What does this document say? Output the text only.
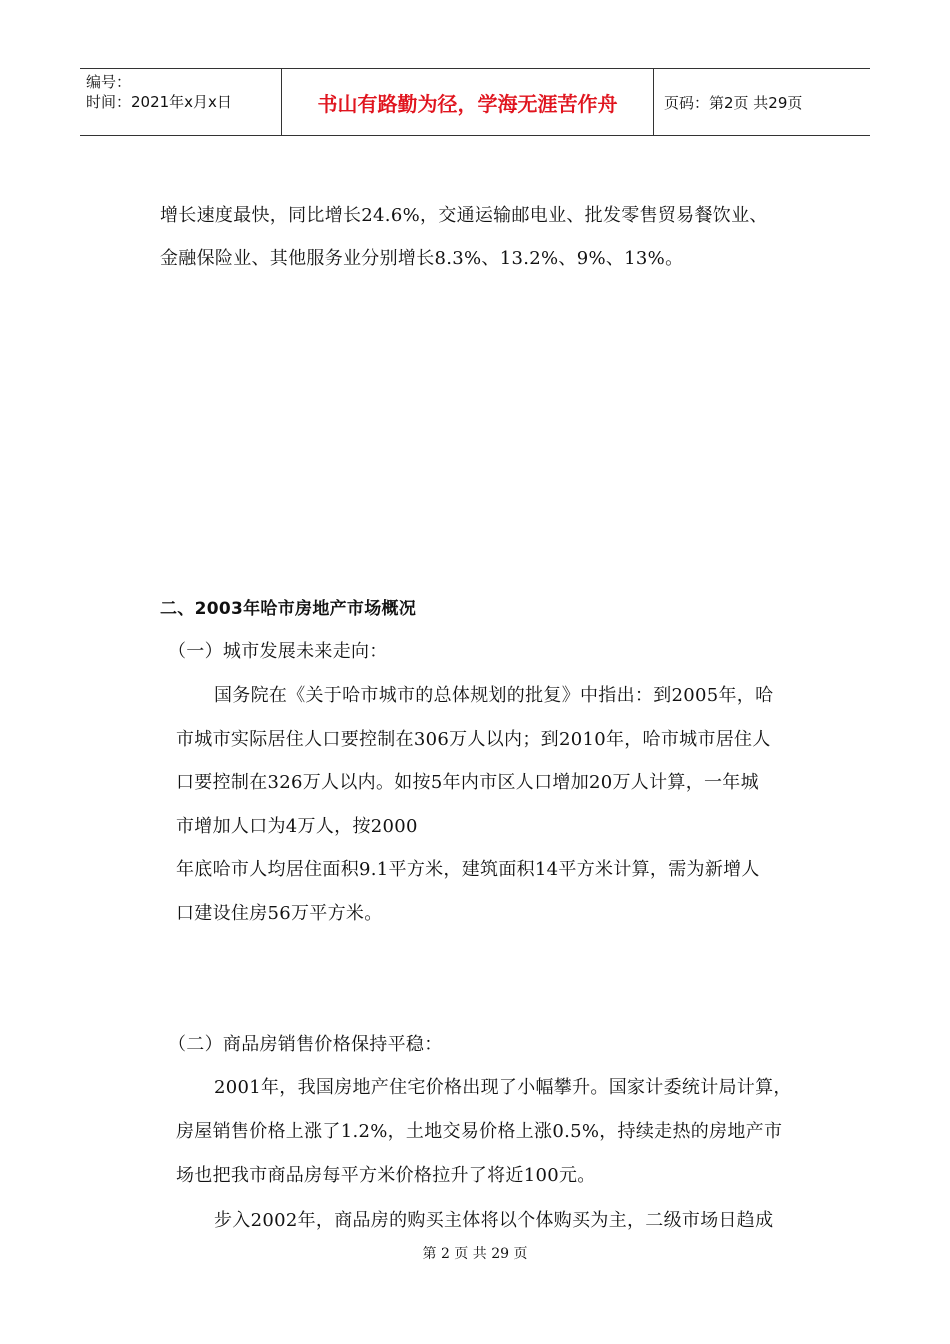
编号：
时间：2021年x月x日	书山有路勤为径，学海无涯苦作舟	页码：第2页 共29页
增长速度最快，同比增长24.6%，交通运输邮电业、批发零售贸易餐饮业、
金融保险业、其他服务业分别增长8.3%、13.2%、9%、13%。
二、2003年哈市房地产市场概况
（一）城市发展未来走向：
国务院在《关于哈市城市的总体规划的批复》中指出：到2005年，哈
市城市实际居住人口要控制在306万人以内；到2010年，哈市城市居住人
口要控制在326万人以内。如按5年内市区人口增加20万人计算，一年城
市增加人口为4万人，按2000
年底哈市人均居住面积9.1平方米，建筑面积14平方米计算，需为新增人
口建设住房56万平方米。
（二）商品房销售价格保持平稳：
2001年，我国房地产住宅价格出现了小幅攀升。国家计委统计局计算，
房屋销售价格上涨了1.2%，土地交易价格上涨0.5%，持续走热的房地产市
场也把我市商品房每平方米价格拉升了将近100元。
步入2002年，商品房的购买主体将以个体购买为主，二级市场日趋成
第 2 页 共 29 页
